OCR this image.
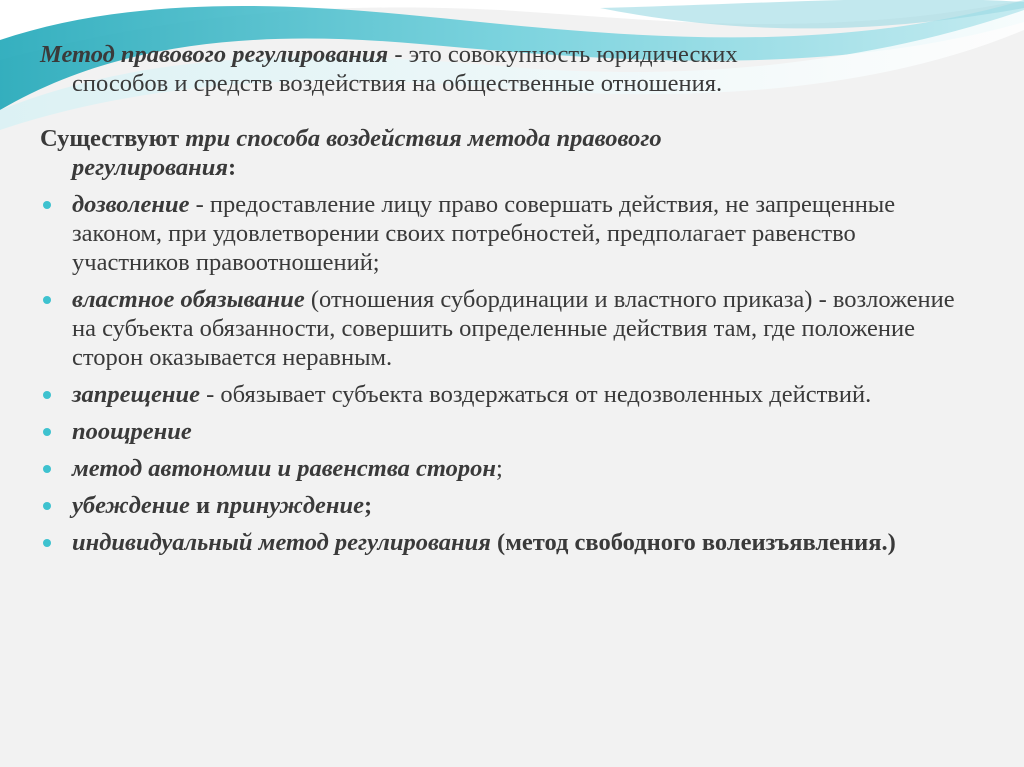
Метод правового регулирования - это совокупность юридических
способов и средств воздействия на общественные отношения.

Существуют три способа воздействия метода правового
регулирования:

дозволение - предоставление лицу право совершать действия, не запрещенные законом, при удовлетворении своих потребностей, предполагает равенство участников правоотношений;
властное обязывание (отношения субординации и властного приказа) - возложение на субъекта обязанности, совершить определенные действия там, где положение сторон оказывается неравным.
запрещение - обязывает субъекта воздержаться от недозволенных действий.
поощрение
метод автономии и равенства сторон;
убеждение и принуждение;
индивидуальный метод регулирования (метод свободного волеизъявления.)
